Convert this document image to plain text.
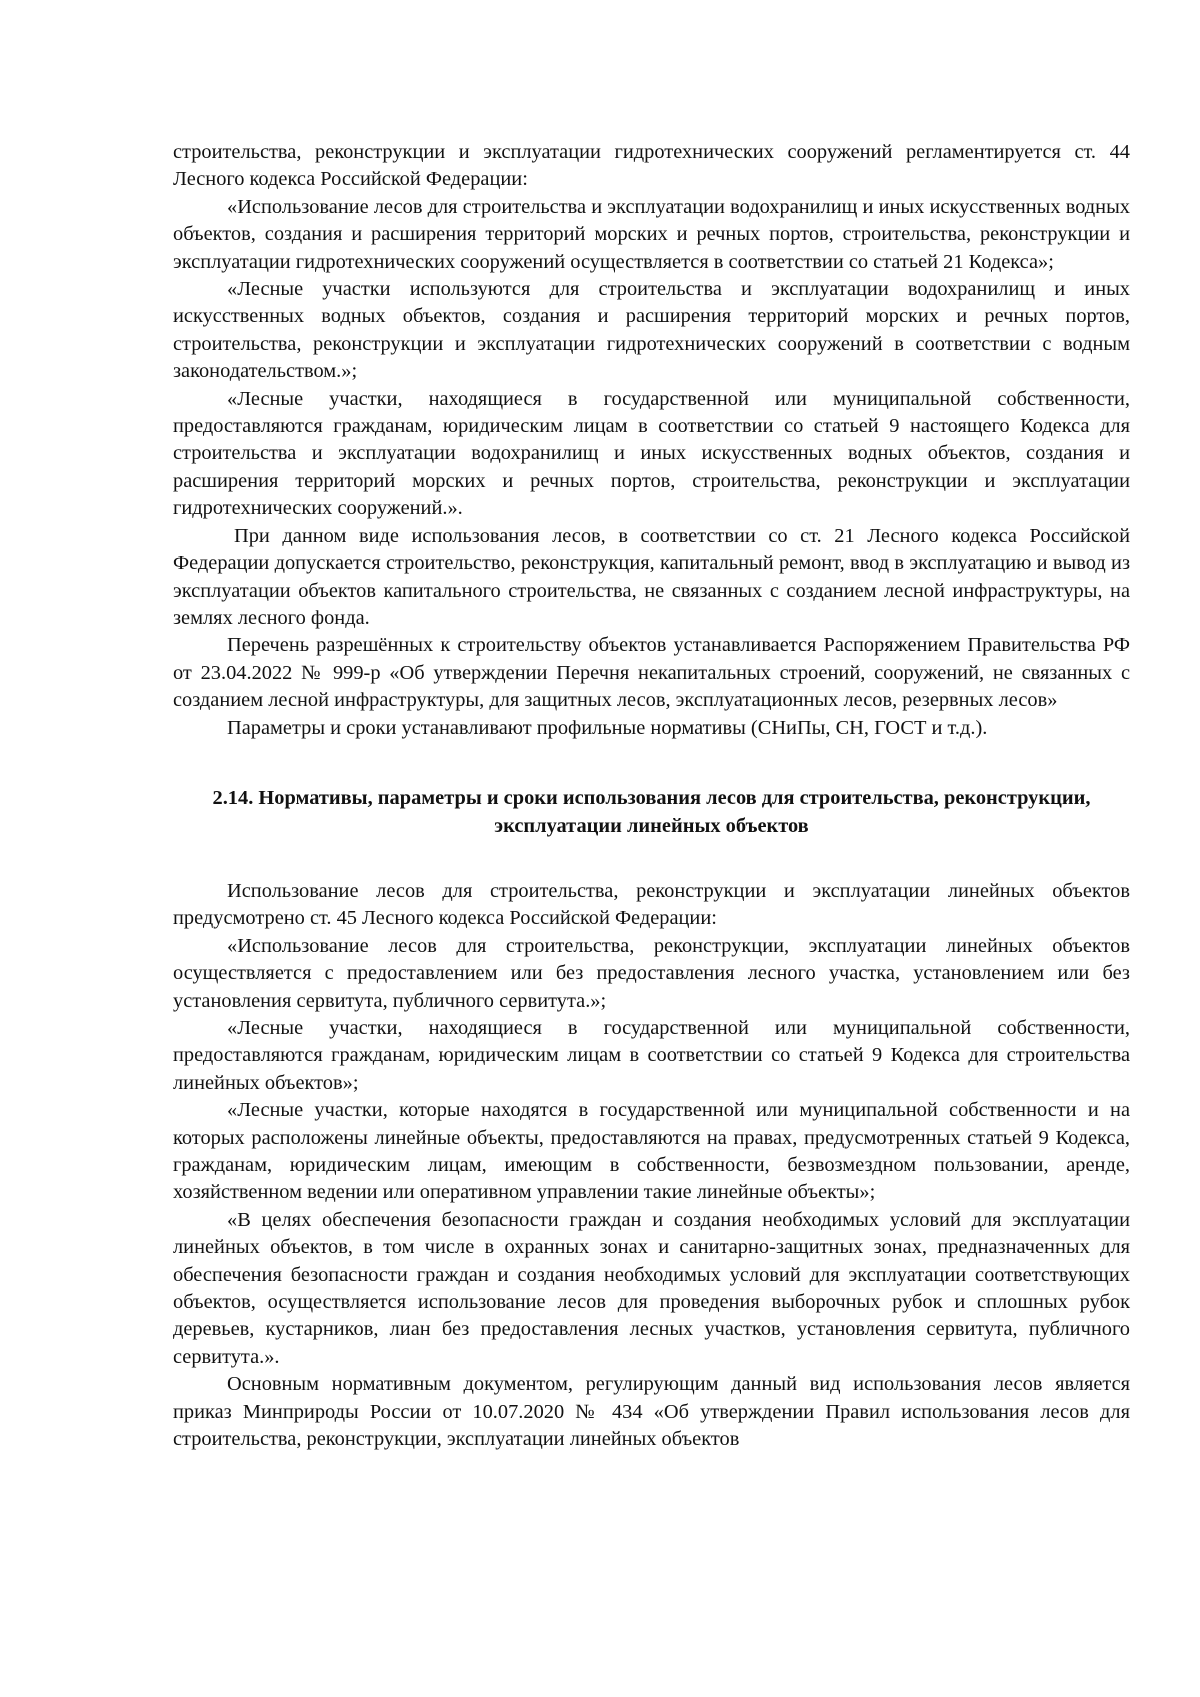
строительства, реконструкции и эксплуатации гидротехнических сооружений регламентируется ст. 44 Лесного кодекса Российской Федерации:

«Использование лесов для строительства и эксплуатации водохранилищ и иных искусственных водных объектов, создания и расширения территорий морских и речных портов, строительства, реконструкции и эксплуатации гидротехнических сооружений осуществляется в соответствии со статьей 21 Кодекса»;

«Лесные участки используются для строительства и эксплуатации водохранилищ и иных искусственных водных объектов, создания и расширения территорий морских и речных портов, строительства, реконструкции и эксплуатации гидротехнических сооружений в соответствии с водным законодательством.»;

«Лесные участки, находящиеся в государственной или муниципальной собственности, предоставляются гражданам, юридическим лицам в соответствии со статьей 9 настоящего Кодекса для строительства и эксплуатации водохранилищ и иных искусственных водных объектов, создания и расширения территорий морских и речных портов, строительства, реконструкции и эксплуатации гидротехнических сооружений.».

При данном виде использования лесов, в соответствии со ст. 21 Лесного кодекса Российской Федерации допускается строительство, реконструкция, капитальный ремонт, ввод в эксплуатацию и вывод из эксплуатации объектов капитального строительства, не связанных с созданием лесной инфраструктуры, на землях лесного фонда.

Перечень разрешённых к строительству объектов устанавливается Распоряжением Правительства РФ от 23.04.2022 № 999-р «Об утверждении Перечня некапитальных строений, сооружений, не связанных с созданием лесной инфраструктуры, для защитных лесов, эксплуатационных лесов, резервных лесов»

Параметры и сроки устанавливают профильные нормативы (СНиПы, СН, ГОСТ и т.д.).

2.14. Нормативы, параметры и сроки использования лесов для строительства, реконструкции, эксплуатации линейных объектов

Использование лесов для строительства, реконструкции и эксплуатации линейных объектов предусмотрено ст. 45 Лесного кодекса Российской Федерации:

«Использование лесов для строительства, реконструкции, эксплуатации линейных объектов осуществляется с предоставлением или без предоставления лесного участка, установлением или без установления сервитута, публичного сервитута.»;

«Лесные участки, находящиеся в государственной или муниципальной собственности, предоставляются гражданам, юридическим лицам в соответствии со статьей 9 Кодекса для строительства линейных объектов»;

«Лесные участки, которые находятся в государственной или муниципальной собственности и на которых расположены линейные объекты, предоставляются на правах, предусмотренных статьей 9 Кодекса, гражданам, юридическим лицам, имеющим в собственности, безвозмездном пользовании, аренде, хозяйственном ведении или оперативном управлении такие линейные объекты»;

«В целях обеспечения безопасности граждан и создания необходимых условий для эксплуатации линейных объектов, в том числе в охранных зонах и санитарно-защитных зонах, предназначенных для обеспечения безопасности граждан и создания необходимых условий для эксплуатации соответствующих объектов, осуществляется использование лесов для проведения выборочных рубок и сплошных рубок деревьев, кустарников, лиан без предоставления лесных участков, установления сервитута, публичного сервитута.».

Основным нормативным документом, регулирующим данный вид использования лесов является приказ Минприроды России от 10.07.2020 № 434 «Об утверждении Правил использования лесов для строительства, реконструкции, эксплуатации линейных объектов
